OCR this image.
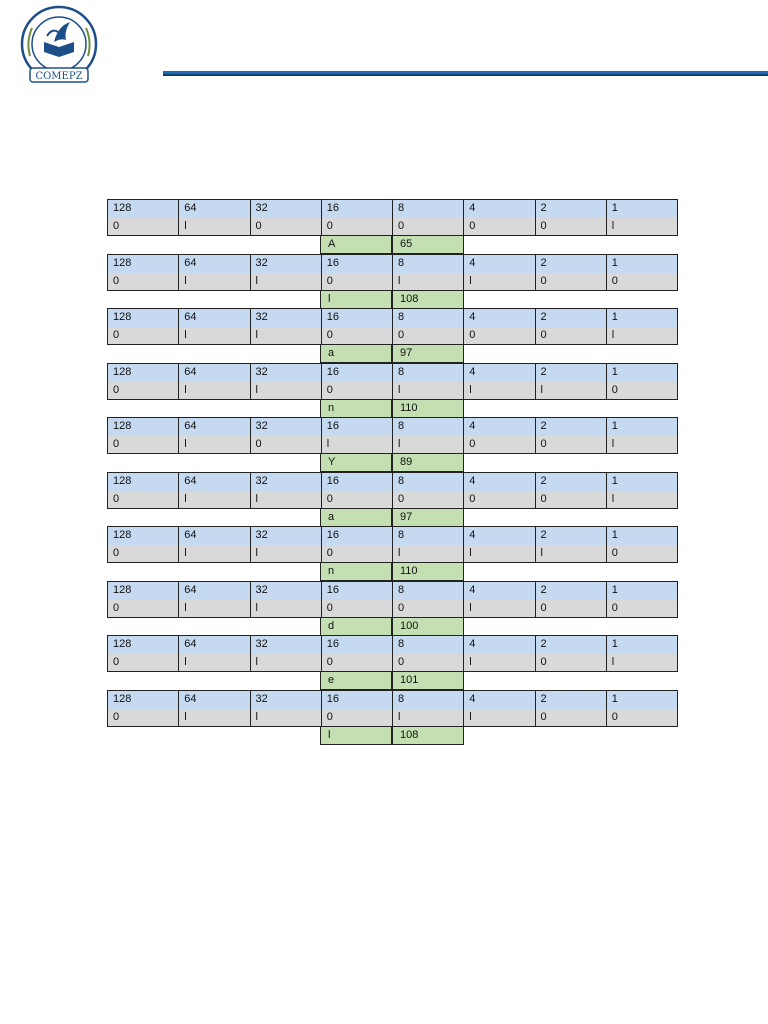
COMEPZ
128	64	32	16	8	4	2	1
0	l	0	0	0	0	0	l
A	65
128	64	32	16	8	4	2	1
0	l	l	0	l	l	0	0
l	108
128	64	32	16	8	4	2	1
0	l	l	0	0	0	0	l
a	97
128	64	32	16	8	4	2	1
0	l	l	0	l	l	l	0
n	110
128	64	32	16	8	4	2	1
0	l	0	l	l	0	0	l
Y	89
128	64	32	16	8	4	2	1
0	l	l	0	0	0	0	l
a	97
128	64	32	16	8	4	2	1
0	l	l	0	l	l	l	0
n	110
128	64	32	16	8	4	2	1
0	l	l	0	0	l	0	0
d	100
128	64	32	16	8	4	2	1
0	l	l	0	0	l	0	l
e	101
128	64	32	16	8	4	2	1
0	l	l	0	l	l	0	0
l	108
